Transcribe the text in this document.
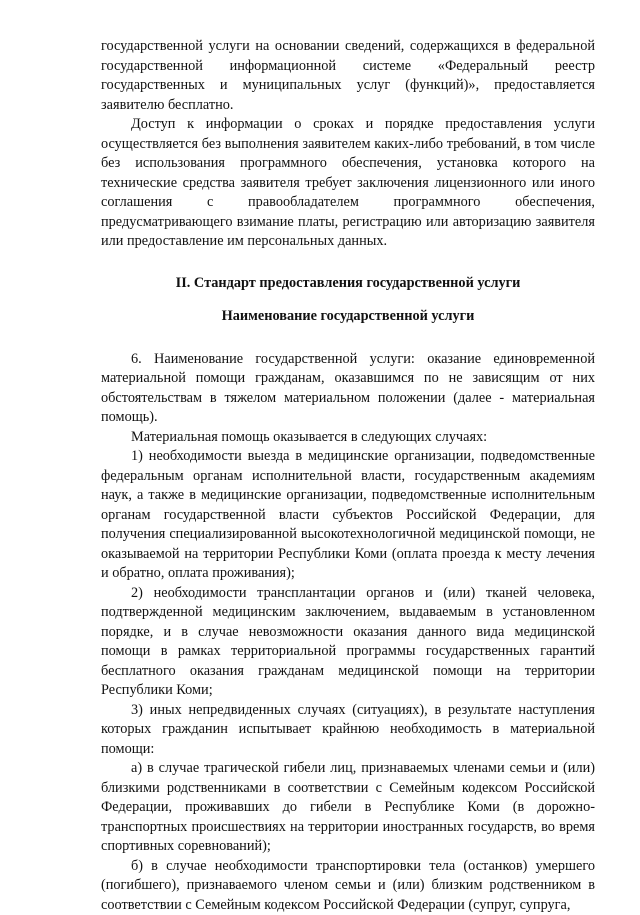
государственной услуги на основании сведений, содержащихся в федеральной государственной информационной системе «Федеральный реестр государственных и муниципальных услуг (функций)», предоставляется заявителю бесплатно.

Доступ к информации о сроках и порядке предоставления услуги осуществляется без выполнения заявителем каких-либо требований, в том числе без использования программного обеспечения, установка которого на технические средства заявителя требует заключения лицензионного или иного соглашения с правообладателем программного обеспечения, предусматривающего взимание платы, регистрацию или авторизацию заявителя или предоставление им персональных данных.

II. Стандарт предоставления государственной услуги

Наименование государственной услуги

6. Наименование государственной услуги: оказание единовременной материальной помощи гражданам, оказавшимся по не зависящим от них обстоятельствам в тяжелом материальном положении (далее - материальная помощь).

Материальная помощь оказывается в следующих случаях:

1) необходимости выезда в медицинские организации, подведомственные федеральным органам исполнительной власти, государственным академиям наук, а также в медицинские организации, подведомственные исполнительным органам государственной власти субъектов Российской Федерации, для получения специализированной высокотехнологичной медицинской помощи, не оказываемой на территории Республики Коми (оплата проезда к месту лечения и обратно, оплата проживания);

2) необходимости трансплантации органов и (или) тканей человека, подтвержденной медицинским заключением, выдаваемым в установленном порядке, и в случае невозможности оказания данного вида медицинской помощи в рамках территориальной программы государственных гарантий бесплатного оказания гражданам медицинской помощи на территории Республики Коми;

3) иных непредвиденных случаях (ситуациях), в результате наступления которых гражданин испытывает крайнюю необходимость в материальной помощи:

а) в случае трагической гибели лиц, признаваемых членами семьи и (или) близкими родственниками в соответствии с Семейным кодексом Российской Федерации, проживавших до гибели в Республике Коми (в дорожно-транспортных происшествиях на территории иностранных государств, во время спортивных соревнований);

б) в случае необходимости транспортировки тела (останков) умершего (погибшего), признаваемого членом семьи и (или) близким родственником в соответствии с Семейным кодексом Российской Федерации (супруг, супруга,
